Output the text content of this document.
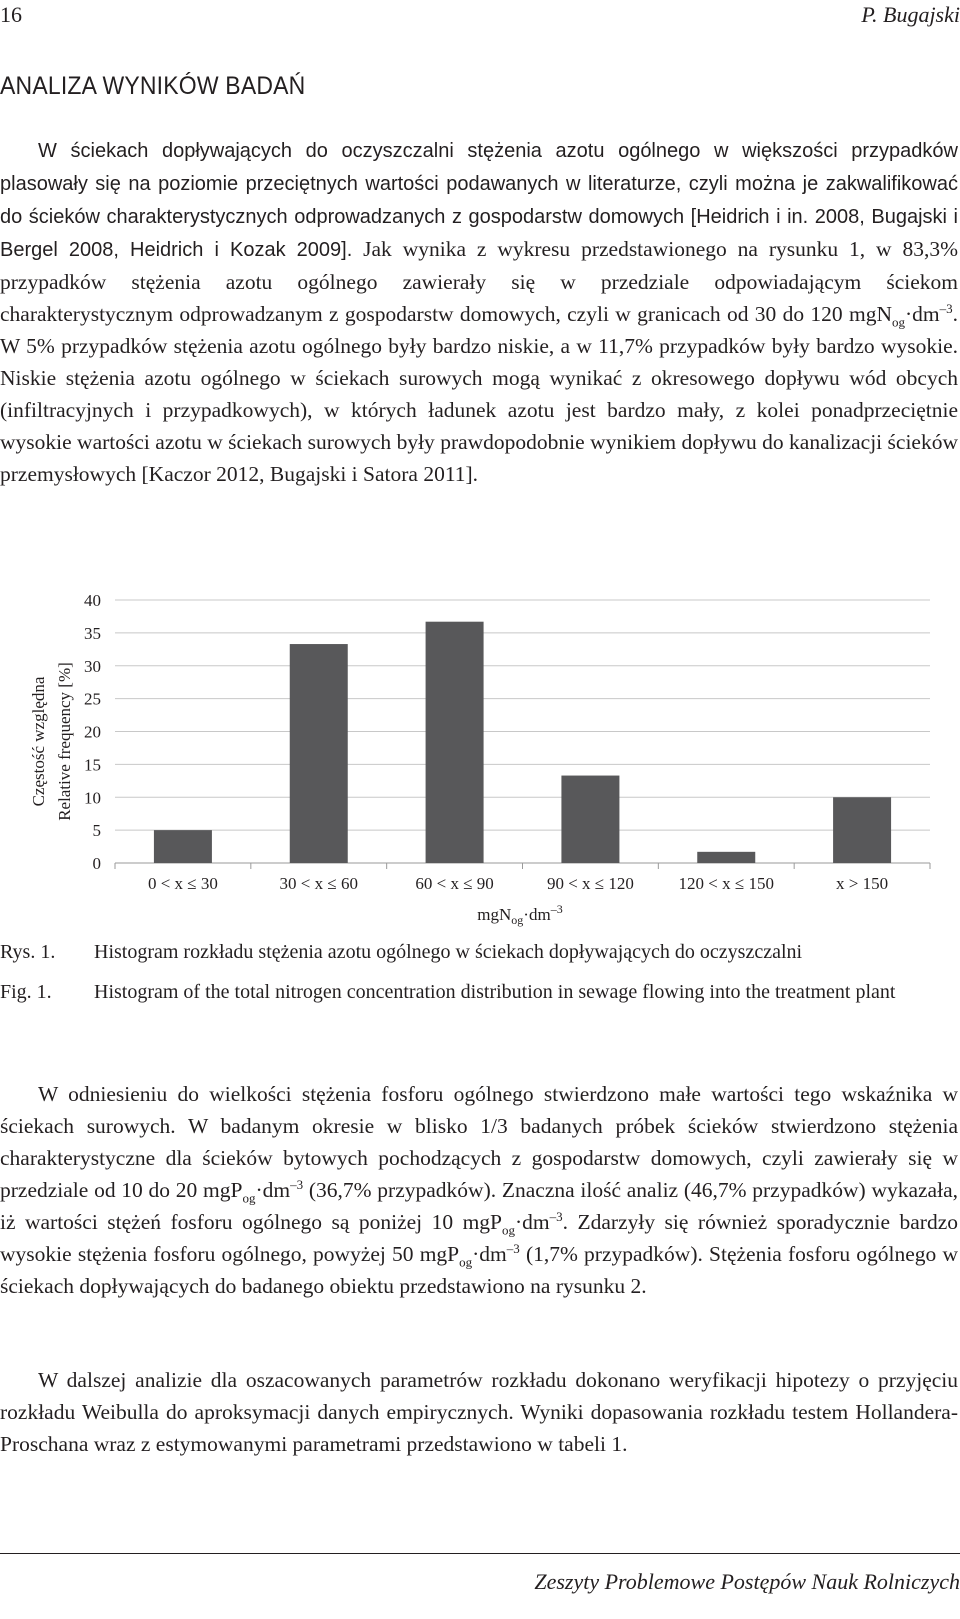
16	P. Bugajski
ANALIZA WYNIKÓW BADAŃ
W ściekach dopływających do oczyszczalni stężenia azotu ogólnego w większości przypadków plasowały się na poziomie przeciętnych wartości podawanych w literaturze, czyli można je zakwalifikować do ścieków charakterystycznych odprowadzanych z gospodarstw domowych [Heidrich i in. 2008, Bugajski i Bergel 2008, Heidrich i Kozak 2009]. Jak wynika z wykresu przedstawionego na rysunku 1, w 83,3% przypadków stężenia azotu ogólnego zawierały się w przedziale odpowiadającym ściekom charakterystycznym odprowadzanym z gospodarstw domowych, czyli w granicach od 30 do 120 $mgN_{og}\cdot dm^{-3}$. W 5% przypadków stężenia azotu ogólnego były bardzo niskie, a w 11,7% przypadków były bardzo wysokie. Niskie stężenia azotu ogólnego w ściekach surowych mogą wynikać z okresowego dopływu wód obcych (infiltracyjnych i przypadkowych), w których ładunek azotu jest bardzo mały, z kolei ponadprzeciętnie wysokie wartości azotu w ściekach surowych były prawdopodobnie wynikiem dopływu do kanalizacji ścieków przemysłowych [Kaczor 2012, Bugajski i Satora 2011].
0
5
10
15
20
25
30
35
40
0 < x ≤ 30	30 < x ≤ 60	60 < x ≤ 90	90 < x ≤ 120	120 < x ≤ 150	x > 150
$mgN_{og}\cdot dm^{-3}$
Częstość względna Relative frequency [%]
Rys. 1. Histogram rozkładu stężenia azotu ogólnego w ściekach dopływających do oczyszczalni
Fig. 1. Histogram of the total nitrogen concentration distribution in sewage flowing into the treatment plant
W odniesieniu do wielkości stężenia fosforu ogólnego stwierdzono małe wartości tego wskaźnika w ściekach surowych. W badanym okresie w blisko 1/3 badanych próbek ścieków stwierdzono stężenia charakterystyczne dla ścieków bytowych pochodzących z gospodarstw domowych, czyli zawierały się w przedziale od 10 do 20 $mgP_{og}\cdot dm^{-3}$ (36,7% przypadków). Znaczna ilość analiz (46,7% przypadków) wykazała, iż wartości stężeń fosforu ogólnego są poniżej 10 $mgP_{og}\cdot dm^{-3}$. Zdarzyły się również sporadycznie bardzo wysokie stężenia fosforu ogólnego, powyżej 50 $mgP_{og}\cdot dm^{-3}$ (1,7% przypadków). Stężenia fosforu ogólnego w ściekach dopływających do badanego obiektu przedstawiono na rysunku 2.
W dalszej analizie dla oszacowanych parametrów rozkładu dokonano weryfikacji hipotezy o przyjęciu rozkładu Weibulla do aproksymacji danych empirycznych. Wyniki dopasowania rozkładu testem Hollandera-Proschana wraz z estymowanymi parametrami przedstawiono w tabeli 1.
Zeszyty Problemowe Postępów Nauk Rolniczych
